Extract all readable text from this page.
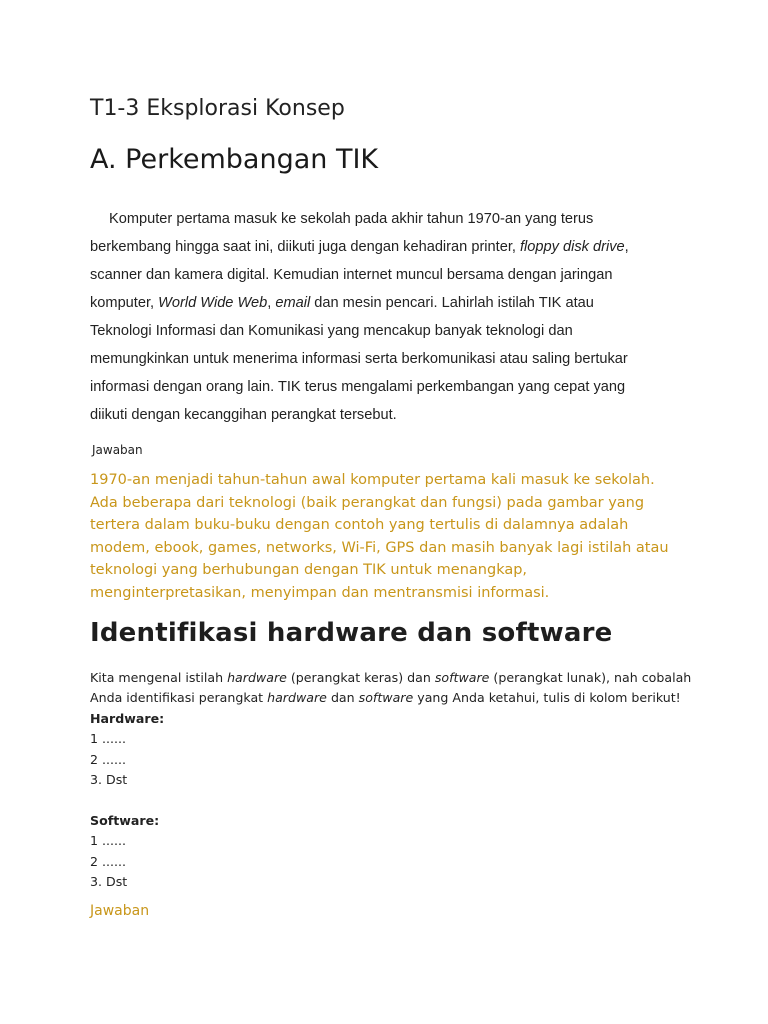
T1-3 Eksplorasi Konsep
A. Perkembangan TIK

Komputer pertama masuk ke sekolah pada akhir tahun 1970-an yang terus berkembang hingga saat ini, diikuti juga dengan kehadiran printer, floppy disk drive, scanner dan kamera digital. Kemudian internet muncul bersama dengan jaringan komputer, World Wide Web, email dan mesin pencari. Lahirlah istilah TIK atau Teknologi Informasi dan Komunikasi yang mencakup banyak teknologi dan memungkinkan untuk menerima informasi serta berkomunikasi atau saling bertukar informasi dengan orang lain. TIK terus mengalami perkembangan yang cepat yang diikuti dengan kecanggihan perangkat tersebut.

Jawaban

1970-an menjadi tahun-tahun awal komputer pertama kali masuk ke sekolah. Ada beberapa dari teknologi (baik perangkat dan fungsi) pada gambar yang tertera dalam buku-buku dengan contoh yang tertulis di dalamnya adalah modem, ebook, games, networks, Wi-Fi, GPS dan masih banyak lagi istilah atau teknologi yang berhubungan dengan TIK untuk menangkap, menginterpretasikan, menyimpan dan mentransmisi informasi.

Identifikasi hardware dan software

Kita mengenal istilah hardware (perangkat keras) dan software (perangkat lunak), nah cobalah Anda identifikasi perangkat hardware dan software yang Anda ketahui, tulis di kolom berikut!

Hardware:

1 ......

2 ......

3. Dst

Software:

1 ......

2 ......

3. Dst

Jawaban
